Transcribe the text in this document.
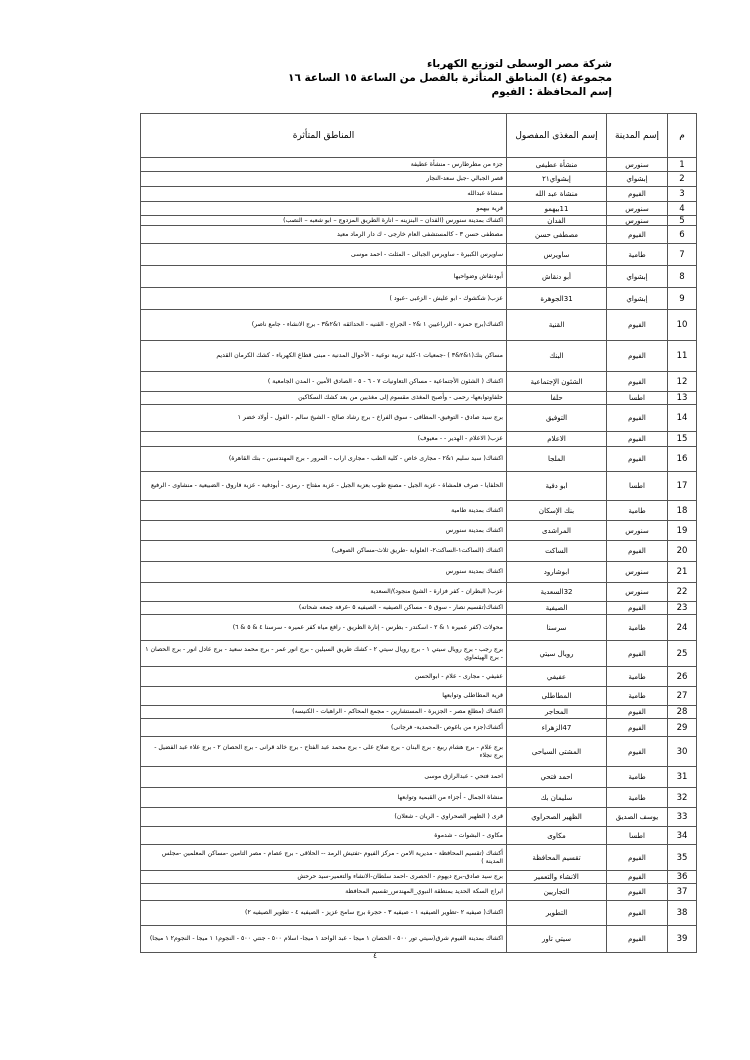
شركة مصر الوسطى لتوزيع الكهرباء
مجموعة (٤) المناطق المتأثرة بالفصل من الساعة ١٥ الساعة ١٦
إسم المحافظة : الفيوم
م	إسم المدينة	إسم المغذى المفصول	المناطق المتأثرة
1	سنورس	منشأة عطيفى	جزء من مطرطارس - منشأة عطيفة
2	إبشواي	إبشواي٢١	قصر الجبالي -جبل سعد-النجار
3	الفيوم	منشاة عبد الله	منشاة عبدالله
4	سنورس	11بيهمو	قرية بيهمو
5	سنورس	الفدان	اكشاك بمدينة سنورس (الفدان – البنزينه – انارة الطريق المزدوج – ابو شعبه – النصب)
6	الفيوم	مصطفى حسن	مصطفى حسن ٣ - كالمستشفى العام خارجى - ك دار الرماد معيد
7	طامية	ساويرس	ساويرس الكبيرة - ساويرس الجبالى - المثلث - احمد موسى
8	إبشواي	أبو دنقاش	أبودنقاش وضواحيها
9	إبشواي	31الجوهرة	عزب( شكشوك - ابو عليش - الزغبى -عبود )
10	الفيوم	القنية	اكشاك(برج حمزه - الزراعيين ١ &٢ - الجراج - القنيه - الحدائقه ١&٢&٣ - برج الانشاء - جامع ناصر)
11	الفيوم	البنك	مساكن بنك(١&٢&٣ ) -جمعيات ١-كلية تربية نوعية - الأحوال المدنية - مبنى قطاع الكهرباء - كشك الكرمان القديم
12	الفيوم	الشئون الإجتماعية	اكشاك ( الشئون الأجتماعية - مساكن التعاونيات ٧ - ٦ - ٥ - الصادق الأمين - المدن الجامعية )
13	اطسا	حلفا	حلفاوتوابعها- رحمى - وأصبح المغذى مقسوم إلى مغذيين من بعد كشك السكاكين
14	الفيوم	التوفيق	برج سيد صادق - التوفيق- المطافى - سوق الفراخ - برج رشاد صالح - الشيخ سالم - الفول - أولاد خضر ١
15	الفيوم	الاعلام	عزب( الاعلام - الهدير - - معيوف)
16	الفيوم	الملجا	اكشاك( سيد سليم ١&٢ - مجارى خاص - كلية الطب - مجارى اراب - المرور - برج المهندسين - بنك القاهرة)
17	اطسا	ابو دفية	الحلفايا - صرف قلمشاة - عزبة الجيل - مصنع طوب بعزبة الجيل - عزبة مفتاح - رمزى - أبودفية - عزبة فاروق - الضبيعية - منشاوى - الرفيع
18	طامية	بنك الإسكان	اكشاك بمدينة طامية
19	سنورس	المراشدى	اكشاك بمدينة سنورس
20	الفيوم	الساكت	اكشاك (الساكت١-الساكت٢- العلوابة -طريق ثلاث-مساكن الصوفى)
21	سنورس	ابوشارود	اكشاك بمدينة سنورس
22	سنورس	32السعدية	عزب( البطران - كفر فزارة - الشيخ منجود)/السعدية
23	الفيوم	الصيفية	اكشاك(تقسيم نصار - سوق ٥ - مساكن الصيفيه - الصيفيه ٥ -غرفة جمعه شحاته)
24	طامية	سرسنا	محولات (كفر عميره ١ & ٢ - اسكندر - بطرس - إنارة الطريق - رافع مياه كفر عميره - سرسنا ٤ & ٥ & ٦)
25	الفيوم	رويال سيتي	برج رجب - برج رويال سيتي ١ - برج رويال سيتي ٢ - كشك طريق السيلين - برج انور عمر - برج محمد سعيد - برج عادل انور - برج الحصان ١ - برج الهيثماوي
26	طامية	عفيفي	عفيفي - مجارى - علام - ابوالحسن
27	طامية	المطاطلى	قرية المطاطلى وتوابعها
28	الفيوم	المحاجر	اكشاك (مطلع مصر - الجزيرة - المستشارين - مجمع المحاكم - الراهبات - الكنيسه)
29	الفيوم	47الزهراء	أكشاك(جزء من باغوص -المحمدية- فرجانى)
30	الفيوم	المشتى السياحى	برج علام - برج هشام ربيع - برج البنان - برج صلاح على - برج محمد عبد الفتاح - برج خالد قرانى - برج الحصان ٢ - برج علاء عبد الفضيل - برج نجلاء
31	طامية	احمد فتحي	احمد فتحي - عبدالرازق موسى
32	طامية	سليمان بك	منشاة الجمال - أجزاء من القبمية وتوابعها
33	يوسف الصديق	الظهير الصحراوي	قرى ( الظهير الصحراوي - الريان - شعلان)
34	اطسا	مكاوى	مكاوى - البشوات - شدموة
35	الفيوم	تقسيم المحافظة	أكشاك (تقسيم المحافظة - مديرية الامن - مركز الفيوم -تفتيش الرمد -- الحلاقى - برج عصام - مصر التامين -مساكن المعلمين -مجلس المدينة )
36	الفيوم	الانشاء والتعمير	برج سيد صادق-برج ديهوم - الحصرى -احمد سلطان-الانشاء والتعمير-سيد حرحش
37	الفيوم	التجاريين	ابراج السكة الحديد بمنطقة النبوي_المهندس_تقسيم المحافظة
38	الفيوم	التطوير	اكشاك( صيفيه ٢ -تطوير الصيفيه ١ - صيفيه ٣ - حجرة برج سامح عزيز - الصيفيه ٤ - تطوير الصيفيه ٢)
39	الفيوم	سيتي تاور	اكشاك بمدينة الفيوم شرق(سيتي تور ٥٠٠ - الحصان ١ ميجا - عبد الواحد ١ ميجا- اسلام ٥٠٠ - جنتي ٥٠٠ - النجوم١ ١ ميجا - النجوم٢ ١ ميجا)
٤
